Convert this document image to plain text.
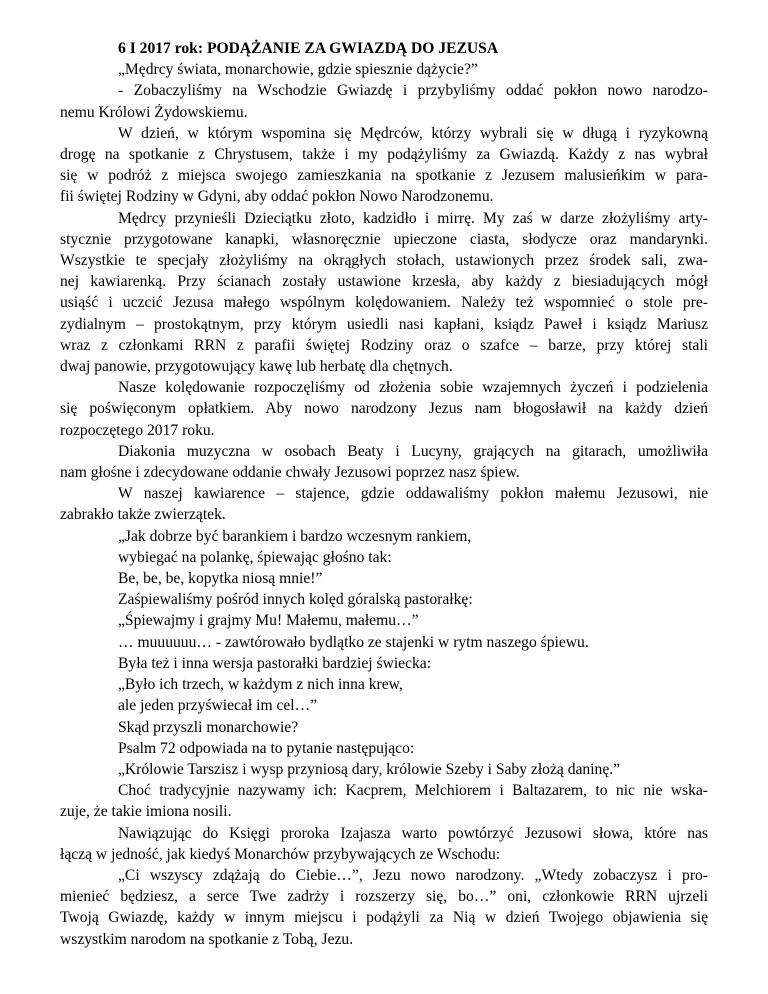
6 I 2017 rok: PODĄŻANIE ZA GWIAZDĄ DO JEZUSA
„Mędrcy świata, monarchowie, gdzie spiesznie dążycie?”
- Zobaczyliśmy na Wschodzie Gwiazdę i przybyliśmy oddać pokłon nowo narodzo-
nemu Królowi Żydowskiemu.
W dzień, w którym wspomina się Mędrców, którzy wybrali się w długą i ryzykowną
drogę na spotkanie z Chrystusem, także i my podążyliśmy za Gwiazdą. Każdy z nas wybrał
się w podróż z miejsca swojego zamieszkania na spotkanie z Jezusem malusieńkim w para-
fii świętej Rodziny w Gdyni, aby oddać pokłon Nowo Narodzonemu.
Mędrcy przynieśli Dzieciątku złoto, kadzidło i mirrę. My zaś w darze złożyliśmy arty-
stycznie przygotowane kanapki, własnoręcznie upieczone ciasta, słodycze oraz mandarynki.
Wszystkie te specjały złożyliśmy na okrągłych stołach, ustawionych przez środek sali, zwa-
nej kawiarenką. Przy ścianach zostały ustawione krzesła, aby każdy z biesiadujących mógł
usiąść i uczcić Jezusa małego wspólnym kolędowaniem. Należy też wspomnieć o stole pre-
zydialnym – prostokątnym, przy którym usiedli nasi kapłani, ksiądz Paweł i ksiądz Mariusz
wraz z członkami RRN z parafii świętej Rodziny oraz o szafce – barze, przy której stali
dwaj panowie, przygotowujący kawę lub herbatę dla chętnych.
Nasze kolędowanie rozpoczęliśmy od złożenia sobie wzajemnych życzeń i podzielenia
się poświęconym opłatkiem. Aby nowo narodzony Jezus nam błogosławił na każdy dzień
rozpoczętego 2017 roku.
Diakonia muzyczna w osobach Beaty i Lucyny, grających na gitarach, umożliwiła
nam głośne i zdecydowane oddanie chwały Jezusowi poprzez nasz śpiew.
W naszej kawiarence – stajence, gdzie oddawaliśmy pokłon małemu Jezusowi, nie
zabrakło także zwierzątek.
„Jak dobrze być barankiem i bardzo wczesnym rankiem,
wybiegać na polankę, śpiewając głośno tak:
Be, be, be, kopytka niosą mnie!”
Zaśpiewaliśmy pośród innych kolęd góralską pastorałkę:
„Śpiewajmy i grajmy Mu! Małemu, małemu…”
… muuuuuu… - zawtórowało bydlątko ze stajenki w rytm naszego śpiewu.
Była też i inna wersja pastorałki bardziej świecka:
„Było ich trzech, w każdym z nich inna krew,
ale jeden przyświecał im cel…”
Skąd przyszli monarchowie?
Psalm 72 odpowiada na to pytanie następująco:
„Królowie Tarszisz i wysp przyniosą dary, królowie Szeby i Saby złożą daninę.”
Choć tradycyjnie nazywamy ich: Kacprem, Melchiorem i Baltazarem, to nic nie wska-
zuje, że takie imiona nosili.
Nawiązując do Księgi proroka Izajasza warto powtórzyć Jezusowi słowa, które nas
łączą w jedność, jak kiedyś Monarchów przybywających ze Wschodu:
„Ci wszyscy zdążają do Ciebie…”, Jezu nowo narodzony. „Wtedy zobaczysz i pro-
mienieć będziesz, a serce Twe zadrży i rozszerzy się, bo…” oni, członkowie RRN ujrzeli
Twoją Gwiazdę, każdy w innym miejscu i podążyli za Nią w dzień Twojego objawienia się
wszystkim narodom na spotkanie z Tobą, Jezu.
